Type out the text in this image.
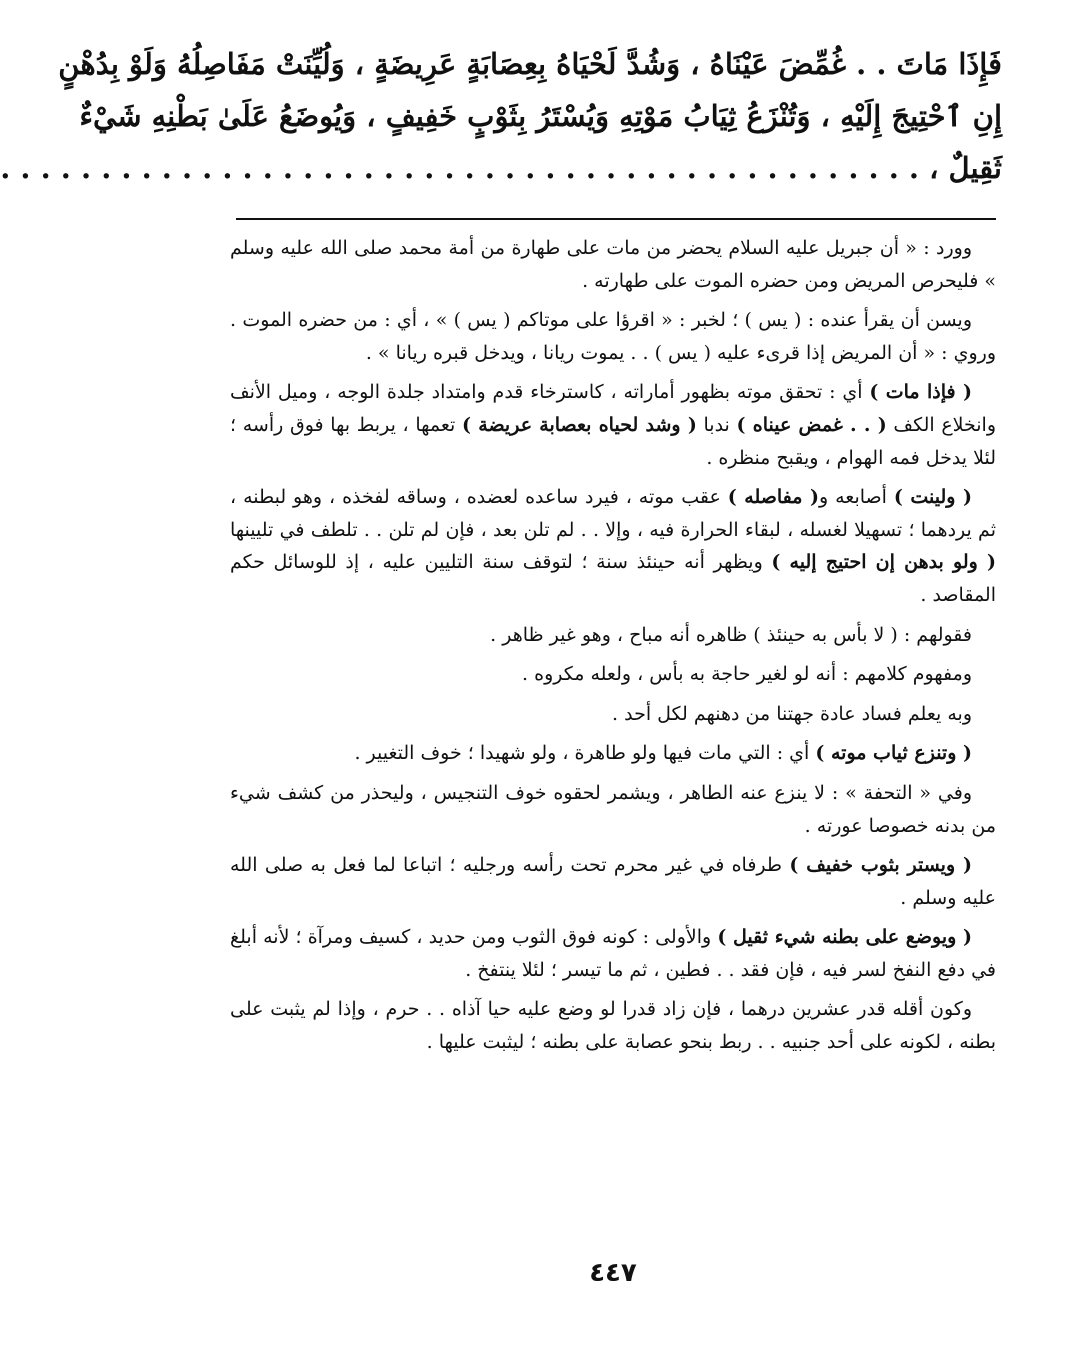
فَإِذَا مَاتَ . . غُمِّضَ عَيْنَاهُ ، وَشُدَّ لَحْيَاهُ بِعِصَابَةٍ عَرِيضَةٍ ، وَلُيِّنَتْ مَفَاصِلُهُ وَلَوْ بِدُهْنٍ
إِنِ ٱحْتِيجَ إِلَيْهِ ، وَتُنْزَعُ ثِيَابُ مَوْتِهِ وَيُسْتَرُ بِثَوْبٍ خَفِيفٍ ، وَيُوضَعُ عَلَىٰ بَطْنِهِ شَيْءٌ
ثَقِيلٌ ، . . . . . . . . . . . . . . . . . . . . . . . . . . . . . . . . . . . . . . . . . . . . . .

وورد : « أن جبريل عليه السلام يحضر من مات على طهارة من أمة محمد صلى الله عليه وسلم » فليحرص المريض ومن حضره الموت على طهارته .

ويسن أن يقرأ عنده : ( يس ) ؛ لخبر : « اقرؤا على موتاكم ( يس ) » ، أي : من حضره الموت . وروي : « أن المريض إذا قرىء عليه ( يس ) . . يموت ريانا ، ويدخل قبره ريانا » .

( فإذا مات ) أي : تحقق موته بظهور أماراته ، كاسترخاء قدم وامتداد جلدة الوجه ، وميل الأنف وانخلاع الكف ( . . غمض عيناه ) ندبا ( وشد لحياه بعصابة عريضة ) تعمها ، يربط بها فوق رأسه ؛ لئلا يدخل فمه الهوام ، ويقبح منظره .

( ولينت ) أصابعه و( مفاصله ) عقب موته ، فيرد ساعده لعضده ، وساقه لفخذه ، وهو لبطنه ، ثم يردهما ؛ تسهيلا لغسله ، لبقاء الحرارة فيه ، وإلا . . لم تلن بعد ، فإن لم تلن . . تلطف في تليينها ( ولو بدهن إن احتيج إليه ) ويظهر أنه حينئذ سنة ؛ لتوقف سنة التليين عليه ، إذ للوسائل حكم المقاصد .

فقولهم : ( لا بأس به حينئذ ) ظاهره أنه مباح ، وهو غير ظاهر .

ومفهوم كلامهم : أنه لو لغير حاجة به بأس ، ولعله مكروه .

وبه يعلم فساد عادة جهتنا من دهنهم لكل أحد .

( وتنزع ثياب موته ) أي : التي مات فيها ولو طاهرة ، ولو شهيدا ؛ خوف التغيير .

وفي « التحفة » : لا ينزع عنه الطاهر ، ويشمر لحقوه خوف التنجيس ، وليحذر من كشف شيء من بدنه خصوصا عورته .

( ويستر بثوب خفيف ) طرفاه في غير محرم تحت رأسه ورجليه ؛ اتباعا لما فعل به صلى الله عليه وسلم .

( ويوضع على بطنه شيء ثقيل ) والأولى : كونه فوق الثوب ومن حديد ، كسيف ومرآة ؛ لأنه أبلغ في دفع النفخ لسر فيه ، فإن فقد . . فطين ، ثم ما تيسر ؛ لئلا ينتفخ .

وكون أقله قدر عشرين درهما ، فإن زاد قدرا لو وضع عليه حيا آذاه . . حرم ، وإذا لم يثبت على بطنه ، لكونه على أحد جنبيه . . ربط بنحو عصابة على بطنه ؛ ليثبت عليها .

٤٤٧
